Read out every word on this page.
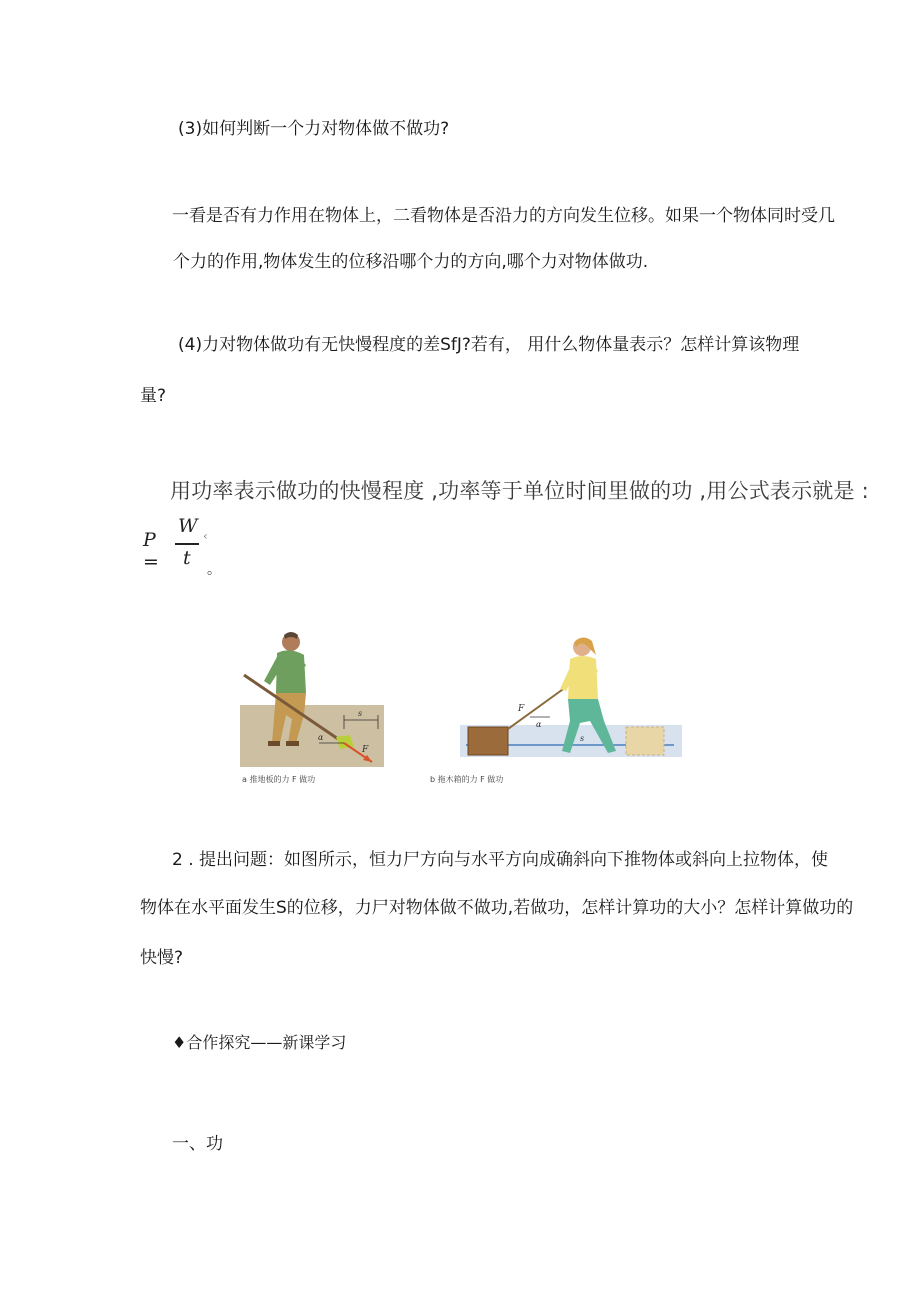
(3)如何判断一个力对物体做不做功?

一看是否有力作用在物体上，二看物体是否沿力的方向发生位移。如果一个物体同时受几

个力的作用,物体发生的位移沿哪个力的方向,哪个力对物体做功.

(4)力对物体做功有无快慢程度的差SfJ?若有， 用什么物体量表示？怎样计算该物理

量?

用功率表示做功的快慢程度 ,功率等于单位时间里做的功 ,用公式表示就是 :
P =
W
t
‹
。
F
α
s
a 推地板的力 F 做功
F
α
s
b 拖木箱的力 F 做功

2 . 提出问题：如图所示，恒力尸方向与水平方向成确斜向下推物体或斜向上拉物体，使

物体在水平面发生S的位移，力尸对物体做不做功,若做功，怎样计算功的大小？怎样计算做功的

快慢?

♦合作探究——新课学习

一、功
